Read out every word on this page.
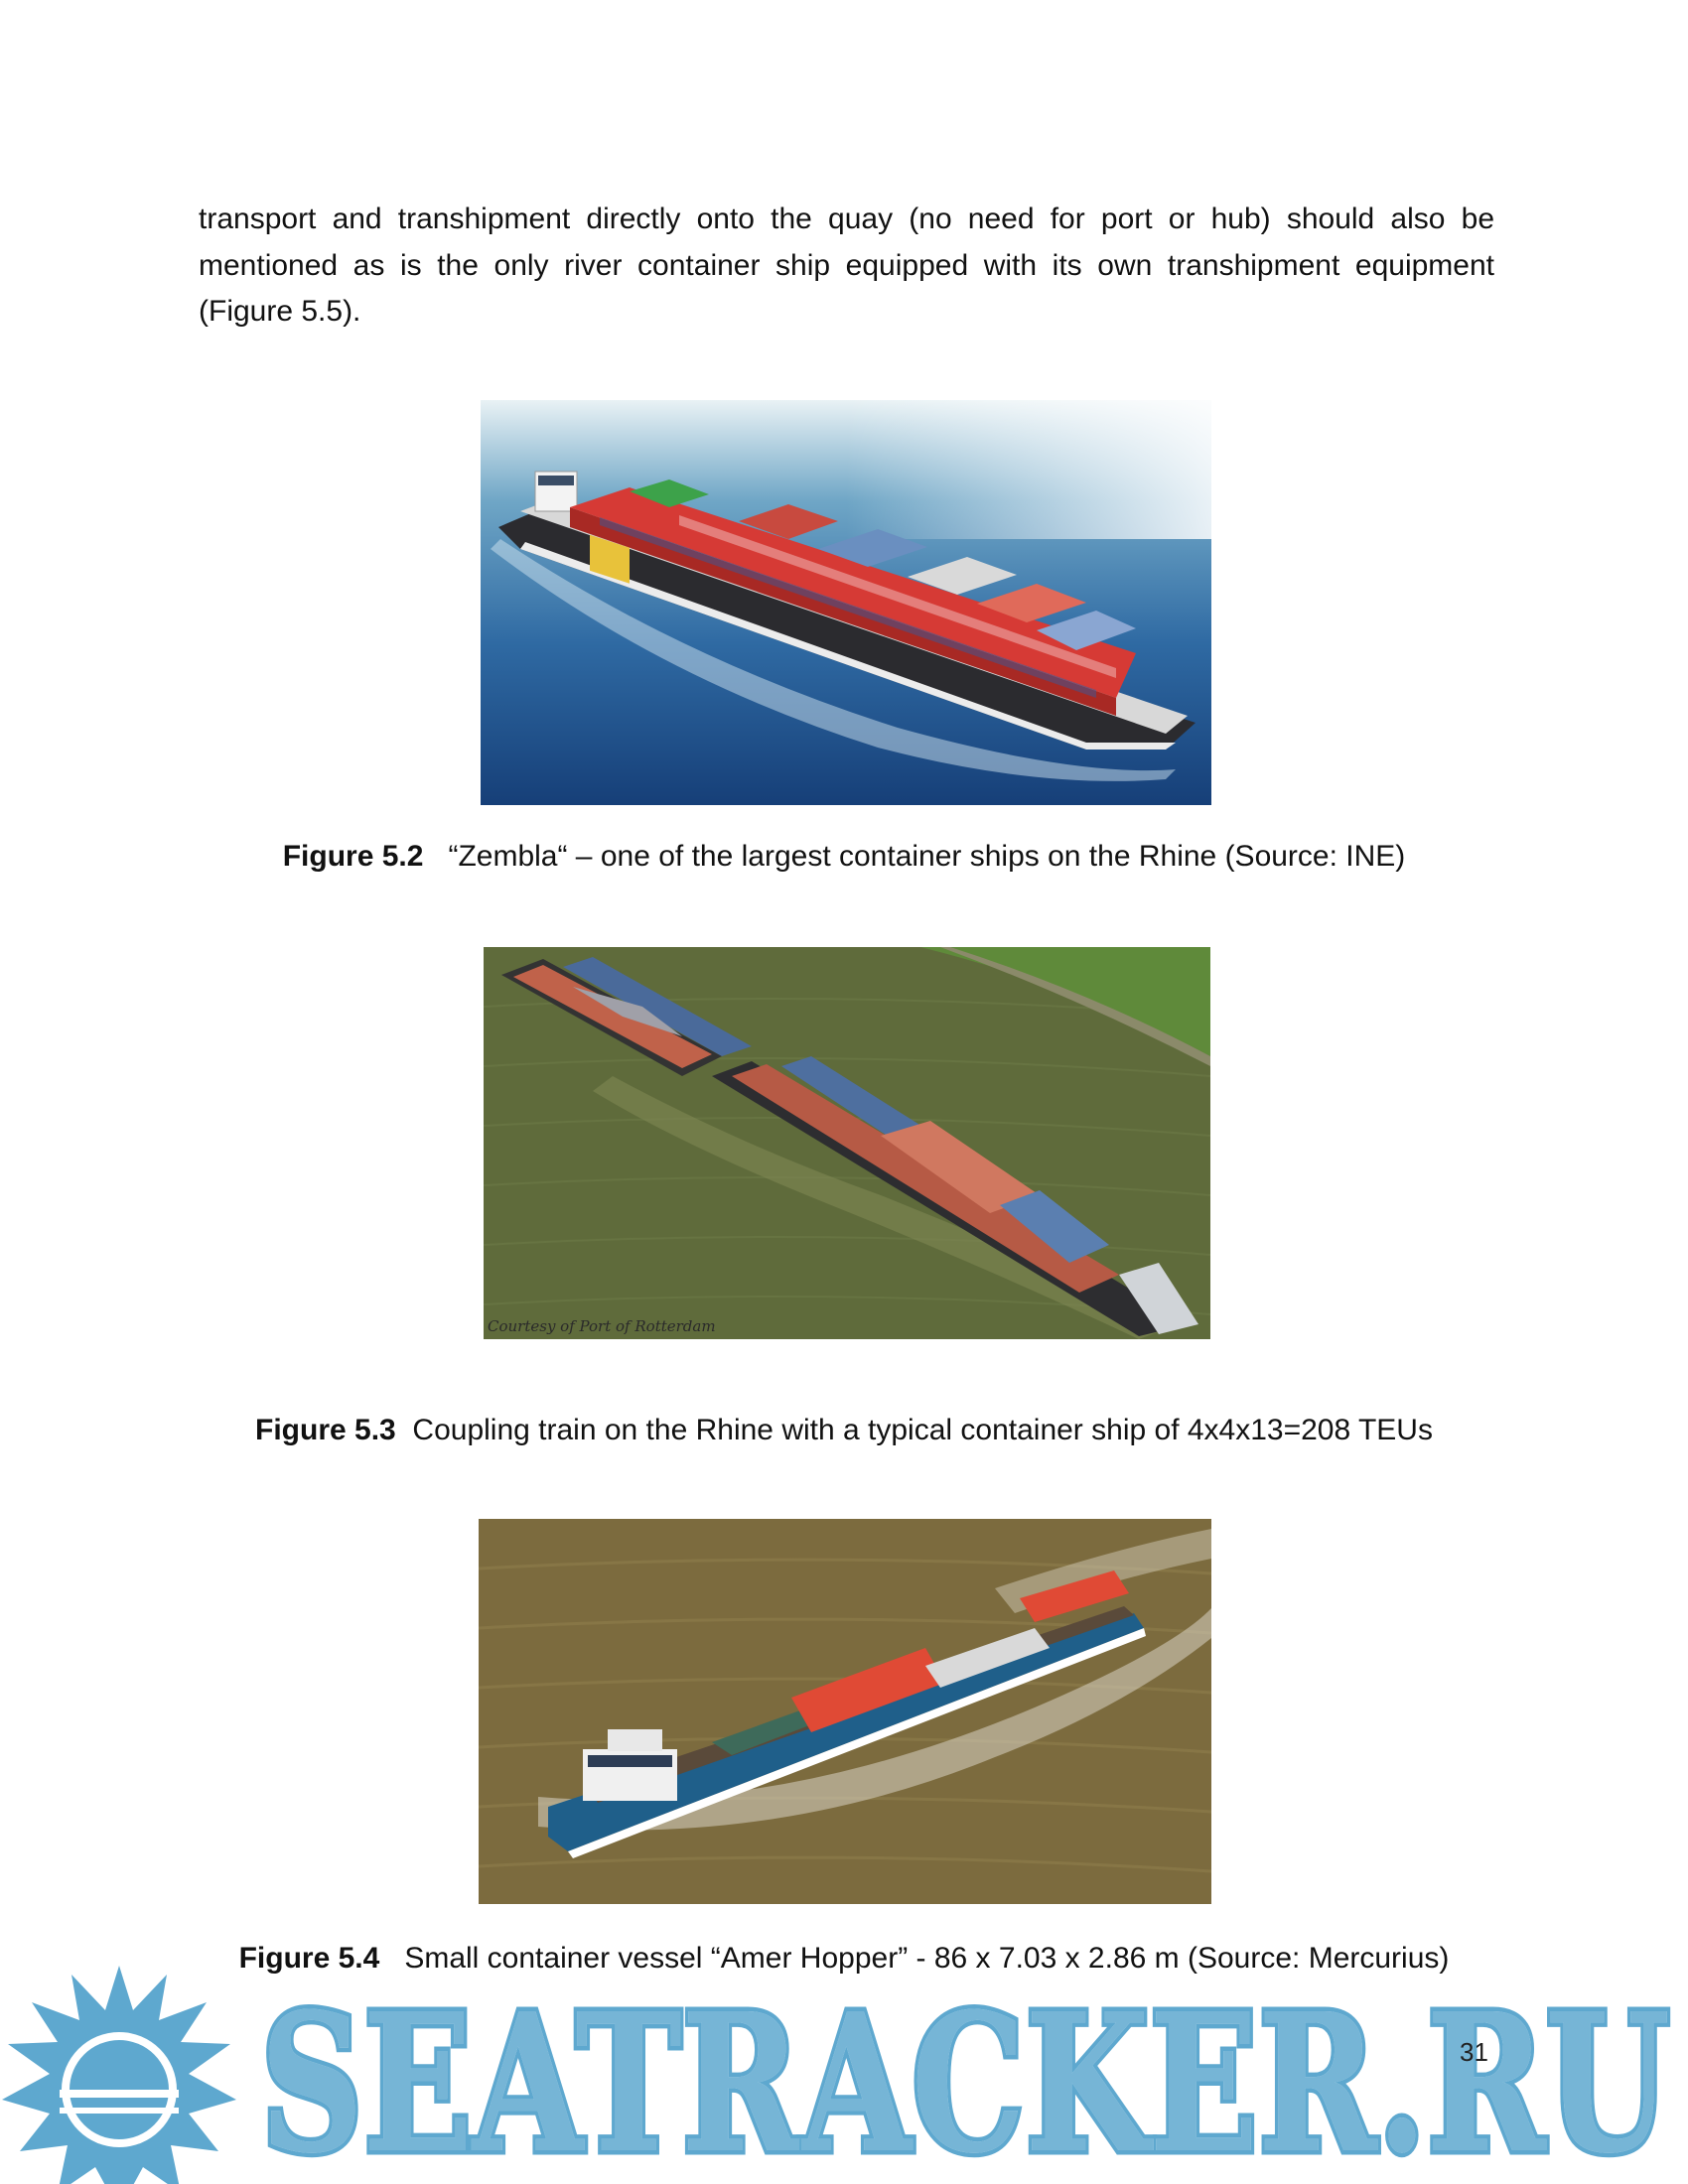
transport and transhipment directly onto the quay (no need for port or hub) should also be mentioned as is the only river container ship equipped with its own transhipment equipment (Figure 5.5).

Figure 5.2 “Zembla“ – one of the largest container ships on the Rhine (Source: INE)
Courtesy of Port of Rotterdam
Figure 5.3 Coupling train on the Rhine with a typical container ship of 4x4x13=208 TEUs
Figure 5.4 Small container vessel “Amer Hopper” - 86 x 7.03 x 2.86 m (Source: Mercurius)
SEATRACKER.RU
SEATRACKER.RU
31
